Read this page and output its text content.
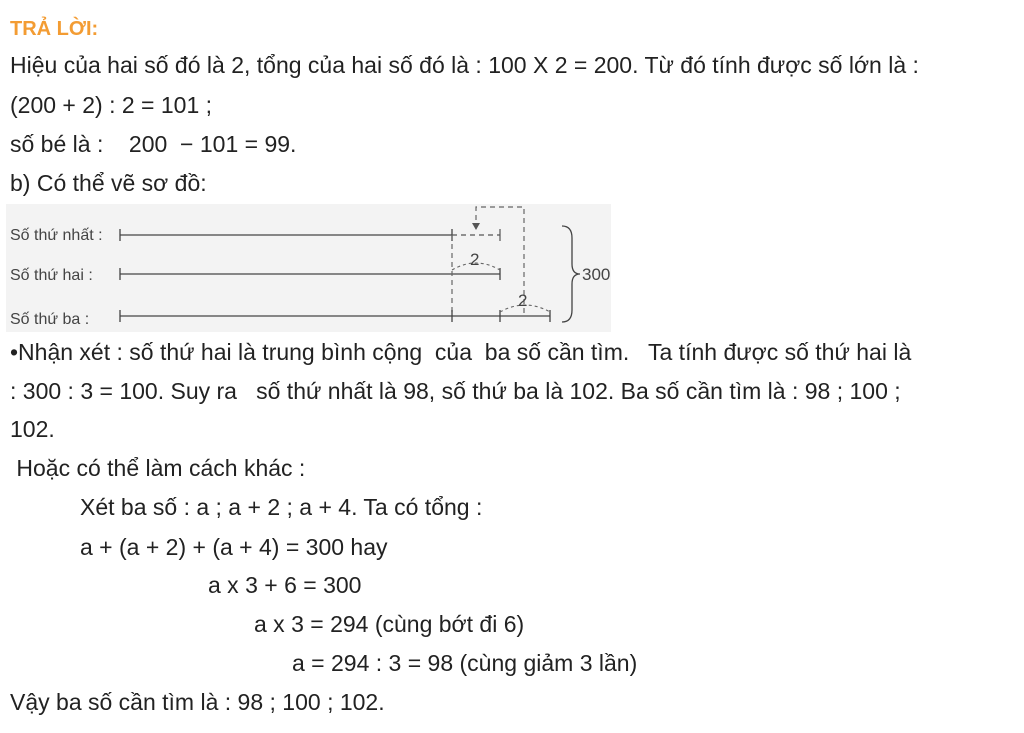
TRẢ LỜI:
Hiệu của hai số đó là 2, tổng của hai số đó là : 100 X 2 = 200. Từ đó tính được số lớn là :
(200 + 2) : 2 = 101 ;
số bé là :    200  − 101 = 99.
b) Có thể vẽ sơ đồ:
Số thứ nhất :
Số thứ hai :
Số thứ ba :
2
2
300
•Nhận xét : số thứ hai là trung bình cộng  của  ba số cần tìm.   Ta tính được số thứ hai là
: 300 : 3 = 100. Suy ra   số thứ nhất là 98, số thứ ba là 102. Ba số cần tìm là : 98 ; 100 ;
102.
Hoặc có thể làm cách khác :
Xét ba số : a ; a + 2 ; a + 4. Ta có tổng :
a + (a + 2) + (a + 4) = 300 hay
a x 3 + 6 = 300
a x 3 = 294 (cùng bớt đi 6)
a = 294 : 3 = 98 (cùng giảm 3 lần)
Vậy ba số cần tìm là : 98 ; 100 ; 102.
